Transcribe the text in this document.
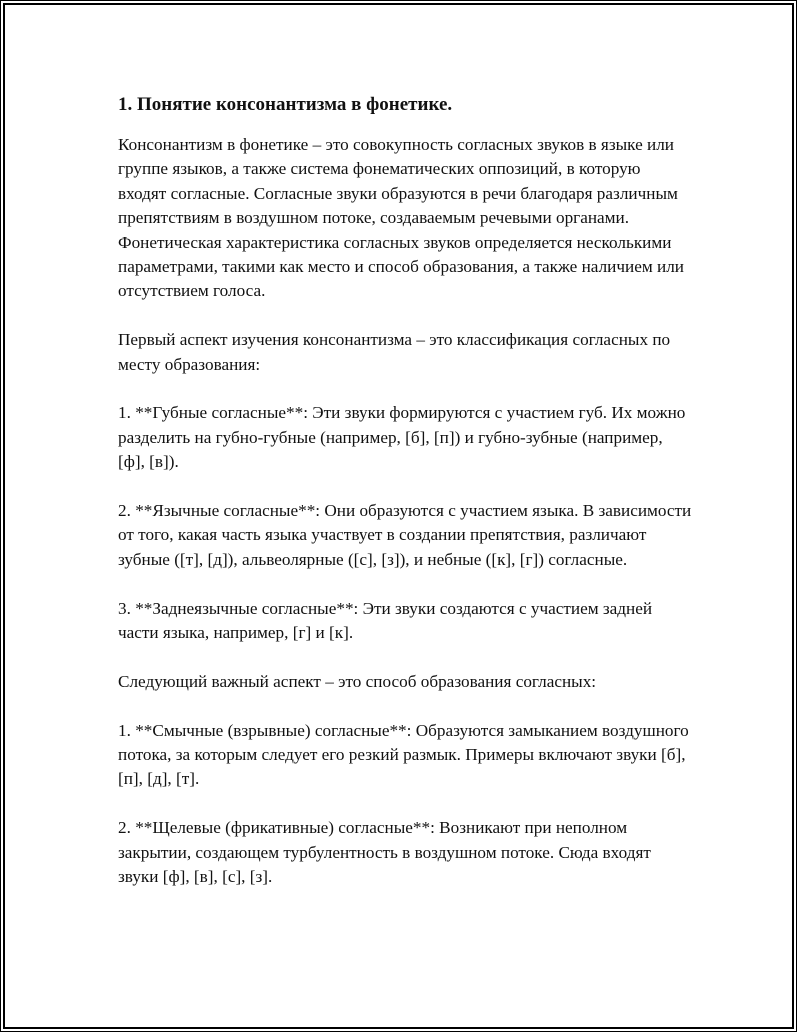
1. Понятие консонантизма в фонетике.
Консонантизм в фонетике – это совокупность согласных звуков в языке или группе языков, а также система фонематических оппозиций, в которую входят согласные. Согласные звуки образуются в речи благодаря различным препятствиям в воздушном потоке, создаваемым речевыми органами. Фонетическая характеристика согласных звуков определяется несколькими параметрами, такими как место и способ образования, а также наличием или отсутствием голоса.
Первый аспект изучения консонантизма – это классификация согласных по месту образования:
1. **Губные согласные**: Эти звуки формируются с участием губ. Их можно разделить на губно-губные (например, [б], [п]) и губно-зубные (например, [ф], [в]).
2. **Язычные согласные**: Они образуются с участием языка. В зависимости от того, какая часть языка участвует в создании препятствия, различают зубные ([т], [д]), альвеолярные ([с], [з]), и небные ([к], [г]) согласные.
3. **Заднеязычные согласные**: Эти звуки создаются с участием задней части языка, например, [г] и [к].
Следующий важный аспект – это способ образования согласных:
1. **Смычные (взрывные) согласные**: Образуются замыканием воздушного потока, за которым следует его резкий размык. Примеры включают звуки [б], [п], [д], [т].
2. **Щелевые (фрикативные) согласные**: Возникают при неполном закрытии, создающем турбулентность в воздушном потоке. Сюда входят звуки [ф], [в], [с], [з].
